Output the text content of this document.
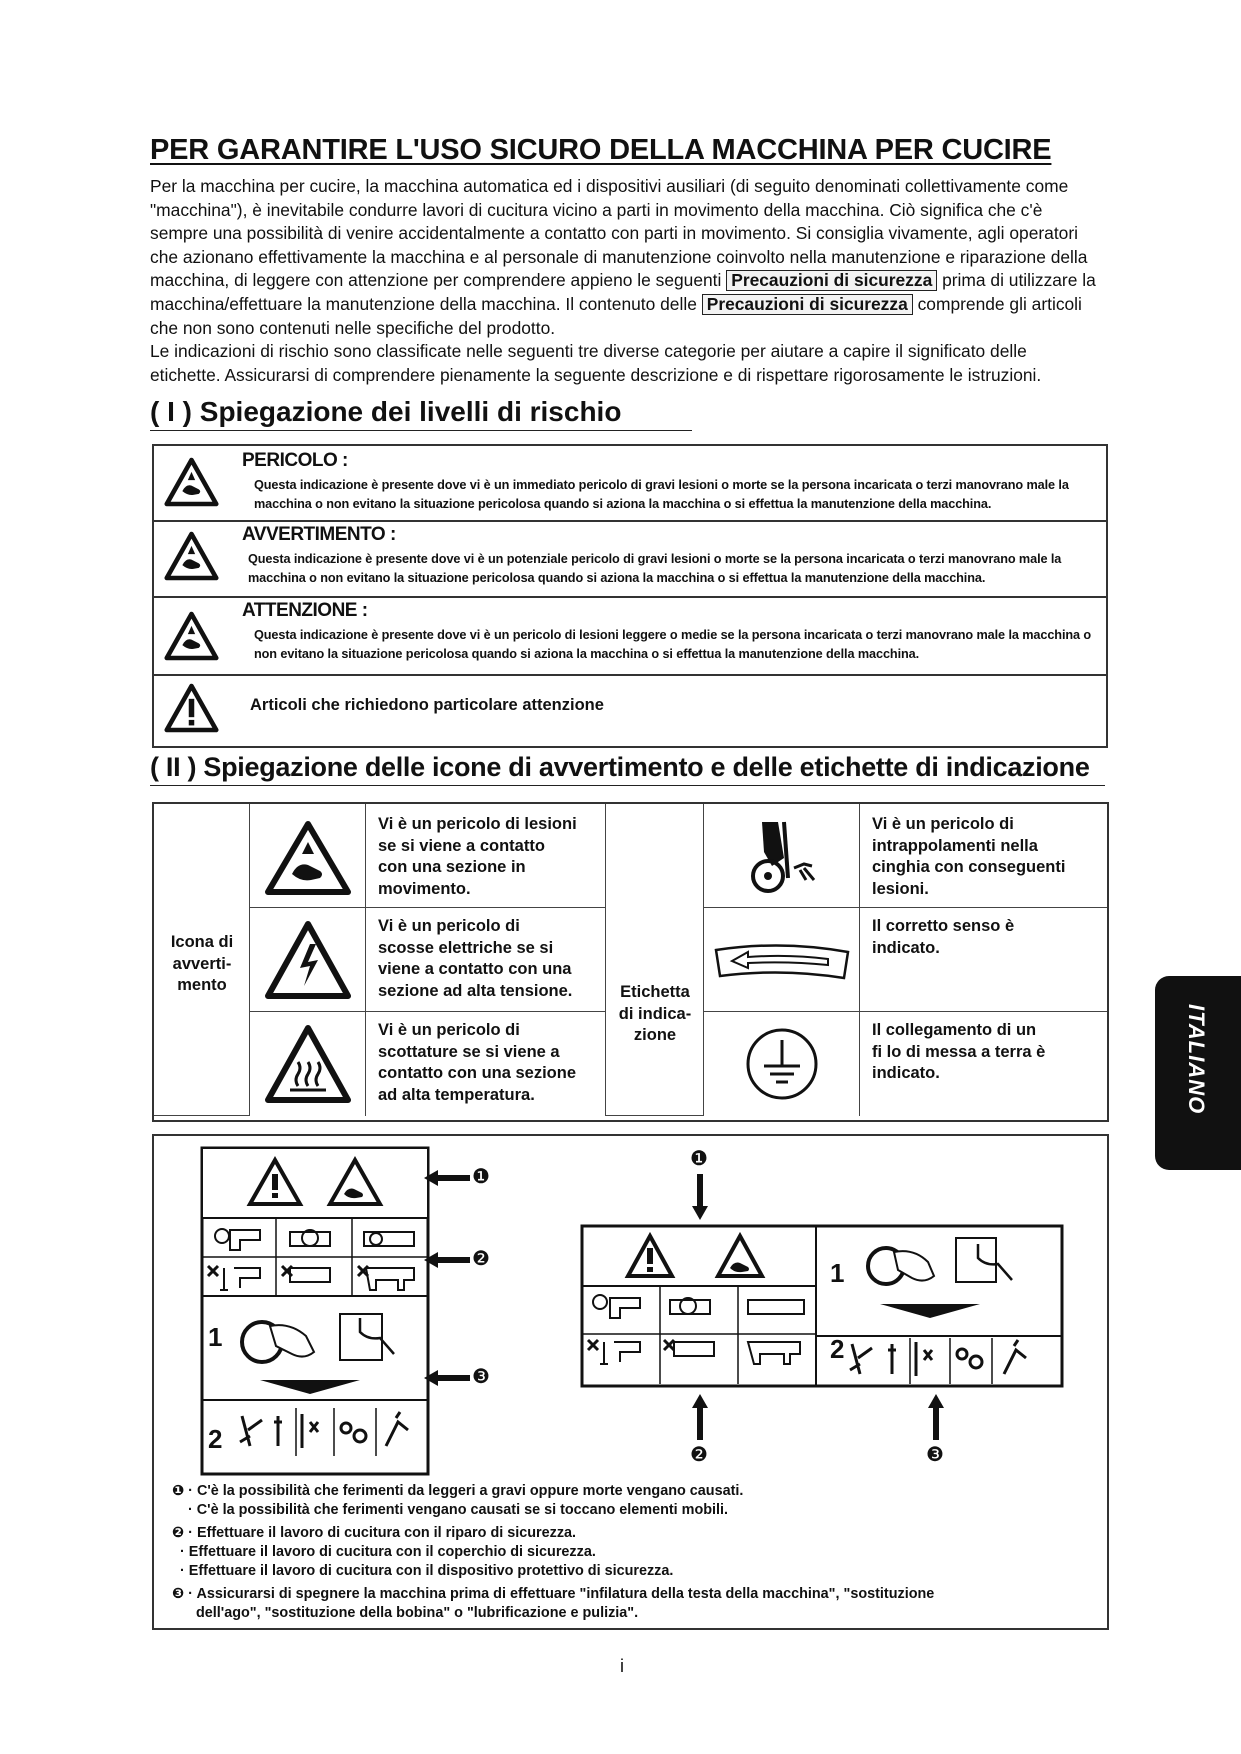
PER GARANTIRE L'USO SICURO DELLA MACCHINA PER CUCIRE

Per la macchina per cucire, la macchina automatica ed i dispositivi ausiliari (di seguito denominati collettivamente come "macchina"), è inevitabile condurre lavori di cucitura vicino a parti in movimento della macchina. Ciò significa che c'è sempre una possibilità di venire accidentalmente a contatto con parti in movimento. Si consiglia vivamente, agli operatori che azionano effettivamente la macchina e al personale di manutenzione coinvolto nella manutenzione e riparazione della macchina, di leggere con attenzione per comprendere appieno le seguenti Precauzioni di sicurezza prima di utilizzare la macchina/effettuare la manutenzione della macchina. Il contenuto delle Precauzioni di sicurezza comprende gli articoli che non sono contenuti nelle specifiche del prodotto.

Le indicazioni di rischio sono classificate nelle seguenti tre diverse categorie per aiutare a capire il significato delle etichette. Assicurarsi di comprendere pienamente la seguente descrizione e di rispettare rigorosamente le istruzioni.

( I ) Spiegazione dei livelli di rischio
PERICOLO :
Questa indicazione è presente dove vi è un immediato pericolo di gravi lesioni o morte se la persona incaricata o terzi manovrano male la macchina o non evitano la situazione pericolosa quando si aziona la macchina o si effettua la manutenzione della macchina.
AVVERTIMENTO :
Questa indicazione è presente dove vi è un potenziale pericolo di gravi lesioni o morte se la persona incaricata o terzi manovrano male la macchina o non evitano la situazione pericolosa quando si aziona la macchina o si effettua la manutenzione della macchina.
ATTENZIONE :
Questa indicazione è presente dove vi è un pericolo di lesioni leggere o medie se la persona incaricata o terzi manovrano male la macchina o non evitano la situazione pericolosa quando si aziona la macchina o si effettua la manutenzione della macchina.
Articoli che richiedono particolare attenzione
( II ) Spiegazione delle icone di avvertimento e delle etichette di indicazione
Icona di
avverti-
mento
Vi è un pericolo di lesioni
se si viene a contatto
con una sezione in
movimento.
Vi è un pericolo di
scosse elettriche se si
viene a contatto con una
sezione ad alta tensione.
Vi è un pericolo di
scottature se si viene a
contatto con una sezione
ad alta temperatura.
Etichetta
di indica-
zione
Vi è un pericolo di
intrappolamenti nella
cinghia con conseguenti
lesioni.
Il corretto senso è
indicato.
Il collegamento di un
fi lo di messa a terra è
indicato.
1
2
❶
❷
❸
❶
1
2
❷	❸
❶ · C'è la possibilità che ferimenti da leggeri a gravi oppure morte vengano causati.
· C'è la possibilità che ferimenti vengano causati se si toccano elementi mobili.
❷ · Effettuare il lavoro di cucitura con il riparo di sicurezza.
· Effettuare il lavoro di cucitura con il coperchio di sicurezza.
· Effettuare il lavoro di cucitura con il dispositivo protettivo di sicurezza.
❸ · Assicurarsi di spegnere la macchina prima di effettuare "infilatura della testa della macchina", "sostituzione
dell'ago", "sostituzione della bobina" o "lubrificazione e pulizia".
ITALIANO
i
